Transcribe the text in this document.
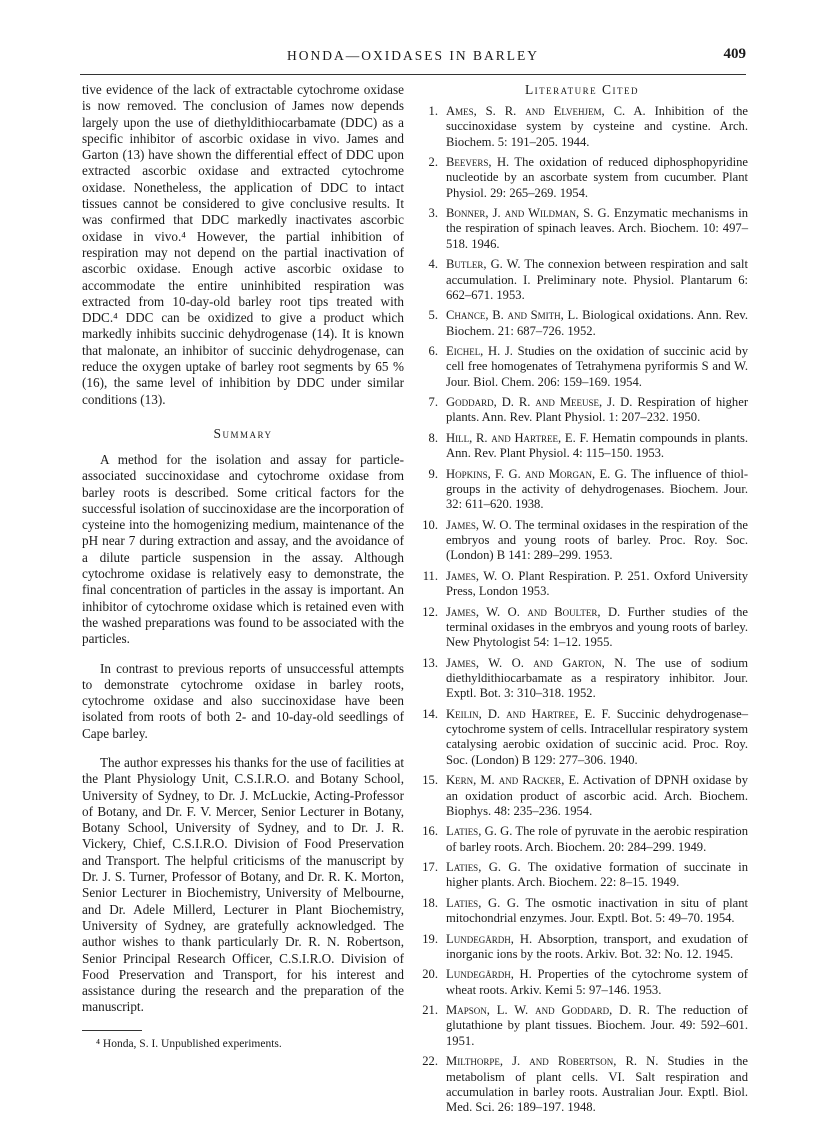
HONDA—OXIDASES IN BARLEY	409

tive evidence of the lack of extractable cytochrome oxidase is now removed. The conclusion of James now depends largely upon the use of diethyldithiocarbamate (DDC) as a specific inhibitor of ascorbic oxidase in vivo. James and Garton (13) have shown the differential effect of DDC upon extracted ascorbic oxidase and extracted cytochrome oxidase. Nonetheless, the application of DDC to intact tissues cannot be considered to give conclusive results. It was confirmed that DDC markedly inactivates ascorbic oxidase in vivo.⁴ However, the partial inhibition of respiration may not depend on the partial inactivation of ascorbic oxidase. Enough active ascorbic oxidase to accommodate the entire uninhibited respiration was extracted from 10-day-old barley root tips treated with DDC.⁴ DDC can be oxidized to give a product which markedly inhibits succinic dehydrogenase (14). It is known that malonate, an inhibitor of succinic dehydrogenase, can reduce the oxygen uptake of barley root segments by 65 % (16), the same level of inhibition by DDC under similar conditions (13).

Summary

A method for the isolation and assay for particle-associated succinoxidase and cytochrome oxidase from barley roots is described. Some critical factors for the successful isolation of succinoxidase are the incorporation of cysteine into the homogenizing medium, maintenance of the pH near 7 during extraction and assay, and the avoidance of a dilute particle suspension in the assay. Although cytochrome oxidase is relatively easy to demonstrate, the final concentration of particles in the assay is important. An inhibitor of cytochrome oxidase which is retained even with the washed preparations was found to be associated with the particles.

In contrast to previous reports of unsuccessful attempts to demonstrate cytochrome oxidase in barley roots, cytochrome oxidase and also succinoxidase have been isolated from roots of both 2- and 10-day-old seedlings of Cape barley.

The author expresses his thanks for the use of facilities at the Plant Physiology Unit, C.S.I.R.O. and Botany School, University of Sydney, to Dr. J. McLuckie, Acting-Professor of Botany, and Dr. F. V. Mercer, Senior Lecturer in Botany, Botany School, University of Sydney, and to Dr. J. R. Vickery, Chief, C.S.I.R.O. Division of Food Preservation and Transport. The helpful criticisms of the manuscript by Dr. J. S. Turner, Professor of Botany, and Dr. R. K. Morton, Senior Lecturer in Biochemistry, University of Melbourne, and Dr. Adele Millerd, Lecturer in Plant Biochemistry, University of Sydney, are gratefully acknowledged. The author wishes to thank particularly Dr. R. N. Robertson, Senior Principal Research Officer, C.S.I.R.O. Division of Food Preservation and Transport, for his interest and assistance during the research and the preparation of the manuscript.

⁴ Honda, S. I. Unpublished experiments.
Literature Cited
1. Ames, S. R. and Elvehjem, C. A. Inhibition of the succinoxidase system by cysteine and cystine. Arch. Biochem. 5: 191–205. 1944.
2. Beevers, H. The oxidation of reduced diphosphopyridine nucleotide by an ascorbate system from cucumber. Plant Physiol. 29: 265–269. 1954.
3. Bonner, J. and Wildman, S. G. Enzymatic mechanisms in the respiration of spinach leaves. Arch. Biochem. 10: 497–518. 1946.
4. Butler, G. W. The connexion between respiration and salt accumulation. I. Preliminary note. Physiol. Plantarum 6: 662–671. 1953.
5. Chance, B. and Smith, L. Biological oxidations. Ann. Rev. Biochem. 21: 687–726. 1952.
6. Eichel, H. J. Studies on the oxidation of succinic acid by cell free homogenates of Tetrahymena pyriformis S and W. Jour. Biol. Chem. 206: 159–169. 1954.
7. Goddard, D. R. and Meeuse, J. D. Respiration of higher plants. Ann. Rev. Plant Physiol. 1: 207–232. 1950.
8. Hill, R. and Hartree, E. F. Hematin compounds in plants. Ann. Rev. Plant Physiol. 4: 115–150. 1953.
9. Hopkins, F. G. and Morgan, E. G. The influence of thiol-groups in the activity of dehydrogenases. Biochem. Jour. 32: 611–620. 1938.
10. James, W. O. The terminal oxidases in the respiration of the embryos and young roots of barley. Proc. Roy. Soc. (London) B 141: 289–299. 1953.
11. James, W. O. Plant Respiration. P. 251. Oxford University Press, London 1953.
12. James, W. O. and Boulter, D. Further studies of the terminal oxidases in the embryos and young roots of barley. New Phytologist 54: 1–12. 1955.
13. James, W. O. and Garton, N. The use of sodium diethyldithiocarbamate as a respiratory inhibitor. Jour. Exptl. Bot. 3: 310–318. 1952.
14. Keilin, D. and Hartree, E. F. Succinic dehydrogenase–cytochrome system of cells. Intracellular respiratory system catalysing aerobic oxidation of succinic acid. Proc. Roy. Soc. (London) B 129: 277–306. 1940.
15. Kern, M. and Racker, E. Activation of DPNH oxidase by an oxidation product of ascorbic acid. Arch. Biochem. Biophys. 48: 235–236. 1954.
16. Laties, G. G. The role of pyruvate in the aerobic respiration of barley roots. Arch. Biochem. 20: 284–299. 1949.
17. Laties, G. G. The oxidative formation of succinate in higher plants. Arch. Biochem. 22: 8–15. 1949.
18. Laties, G. G. The osmotic inactivation in situ of plant mitochondrial enzymes. Jour. Exptl. Bot. 5: 49–70. 1954.
19. Lundegårdh, H. Absorption, transport, and exudation of inorganic ions by the roots. Arkiv. Bot. 32: No. 12. 1945.
20. Lundegårdh, H. Properties of the cytochrome system of wheat roots. Arkiv. Kemi 5: 97–146. 1953.
21. Mapson, L. W. and Goddard, D. R. The reduction of glutathione by plant tissues. Biochem. Jour. 49: 592–601. 1951.
22. Milthorpe, J. and Robertson, R. N. Studies in the metabolism of plant cells. VI. Salt respiration and accumulation in barley roots. Australian Jour. Exptl. Biol. Med. Sci. 26: 189–197. 1948.
